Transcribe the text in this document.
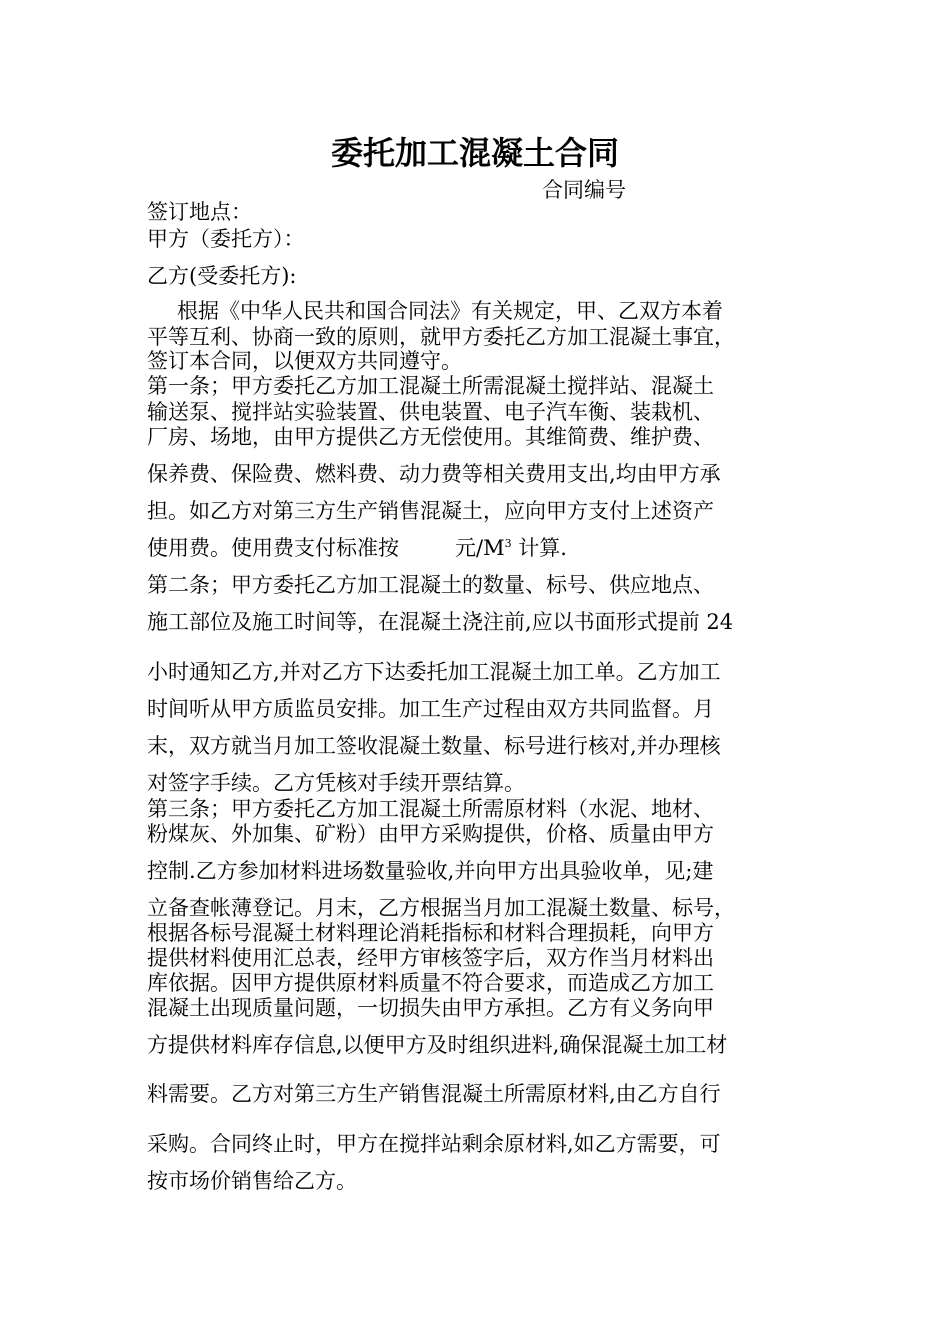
委托加工混凝土合同
合同编号
签订地点：
甲方（委托方）：
乙方(受委托方):
根据《中华人民共和国合同法》有关规定，甲、乙双方本着
平等互利、协商一致的原则，就甲方委托乙方加工混凝土事宜，
签订本合同，以便双方共同遵守。
第一条；甲方委托乙方加工混凝土所需混凝土搅拌站、混凝土
输送泵、搅拌站实验装置、供电装置、电子汽车衡、装栽机、
厂房、场地，由甲方提供乙方无偿使用。其维简费、维护费、
保养费、保险费、燃料费、动力费等相关费用支出,均由甲方承
担。如乙方对第三方生产销售混凝土，应向甲方支付上述资产
使用费。使用费支付标准按	元$/M^3$ 计算.
第二条；甲方委托乙方加工混凝土的数量、标号、供应地点、
施工部位及施工时间等，在混凝土浇注前,应以书面形式提前 24
小时通知乙方,并对乙方下达委托加工混凝土加工单。乙方加工
时间听从甲方质监员安排。加工生产过程由双方共同监督。月
末，双方就当月加工签收混凝土数量、标号进行核对,并办理核
对签字手续。乙方凭核对手续开票结算。
第三条；甲方委托乙方加工混凝土所需原材料（水泥、地材、
粉煤灰、外加集、矿粉）由甲方采购提供，价格、质量由甲方
控制.乙方参加材料进场数量验收,并向甲方出具验收单，见;建
立备查帐薄登记。月末，乙方根据当月加工混凝土数量、标号，
根据各标号混凝土材料理论消耗指标和材料合理损耗，向甲方
提供材料使用汇总表，经甲方审核签字后，双方作当月材料出
库依据。因甲方提供原材料质量不符合要求，而造成乙方加工
混凝土出现质量问题，一切损失由甲方承担。乙方有义务向甲
方提供材料库存信息,以便甲方及时组织进料,确保混凝土加工材
料需要。乙方对第三方生产销售混凝土所需原材料,由乙方自行
采购。合同终止时，甲方在搅拌站剩余原材料,如乙方需要，可
按市场价销售给乙方。
